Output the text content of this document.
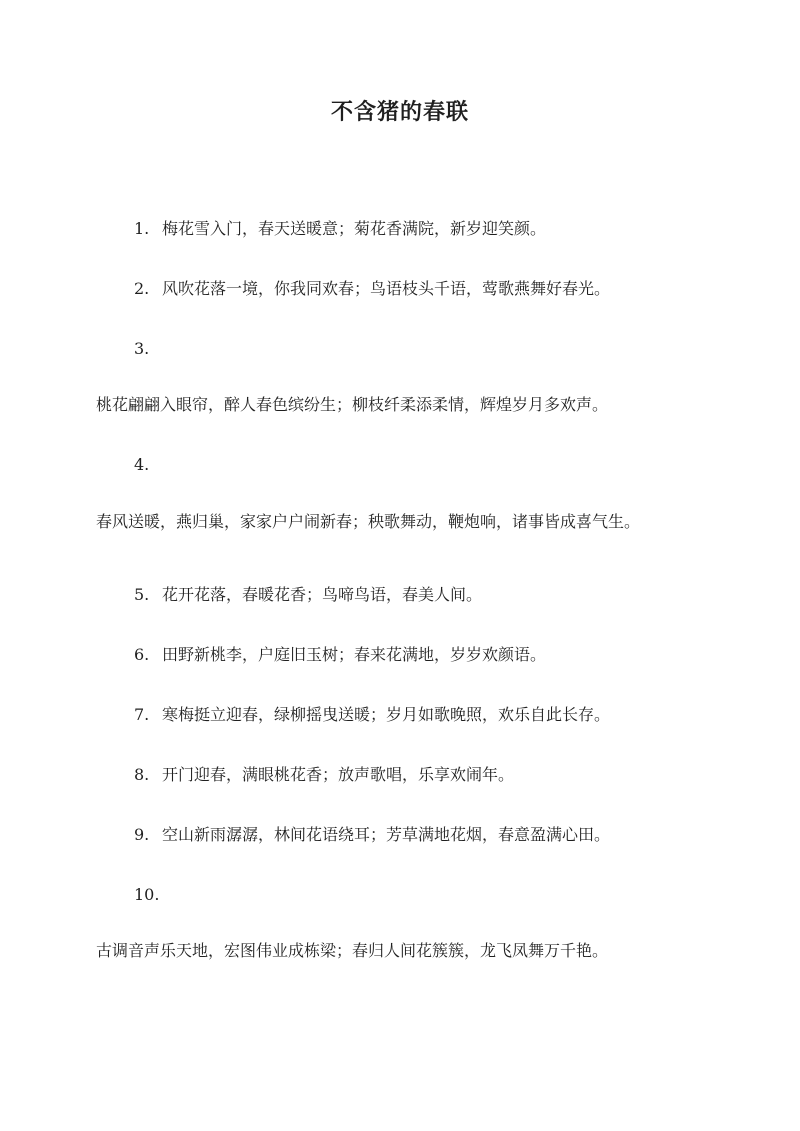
不含猪的春联

1. 梅花雪入门，春天送暖意；菊花香满院，新岁迎笑颜。

2. 风吹花落一境，你我同欢春；鸟语枝头千语，莺歌燕舞好春光。

3.
桃花翩翩入眼帘，醉人春色缤纷生；柳枝纤柔添柔情，辉煌岁月多欢声。
4.
春风送暖，燕归巢，家家户户闹新春；秧歌舞动，鞭炮响，诸事皆成喜气生。

5. 花开花落，春暖花香；鸟啼鸟语，春美人间。

6. 田野新桃李，户庭旧玉树；春来花满地，岁岁欢颜语。

7. 寒梅挺立迎春，绿柳摇曳送暖；岁月如歌晚照，欢乐自此长存。

8. 开门迎春，满眼桃花香；放声歌唱，乐享欢闹年。

9. 空山新雨潺潺，林间花语绕耳；芳草满地花烟，春意盈满心田。

10.
古调音声乐天地，宏图伟业成栋梁；春归人间花簇簇，龙飞凤舞万千艳。
